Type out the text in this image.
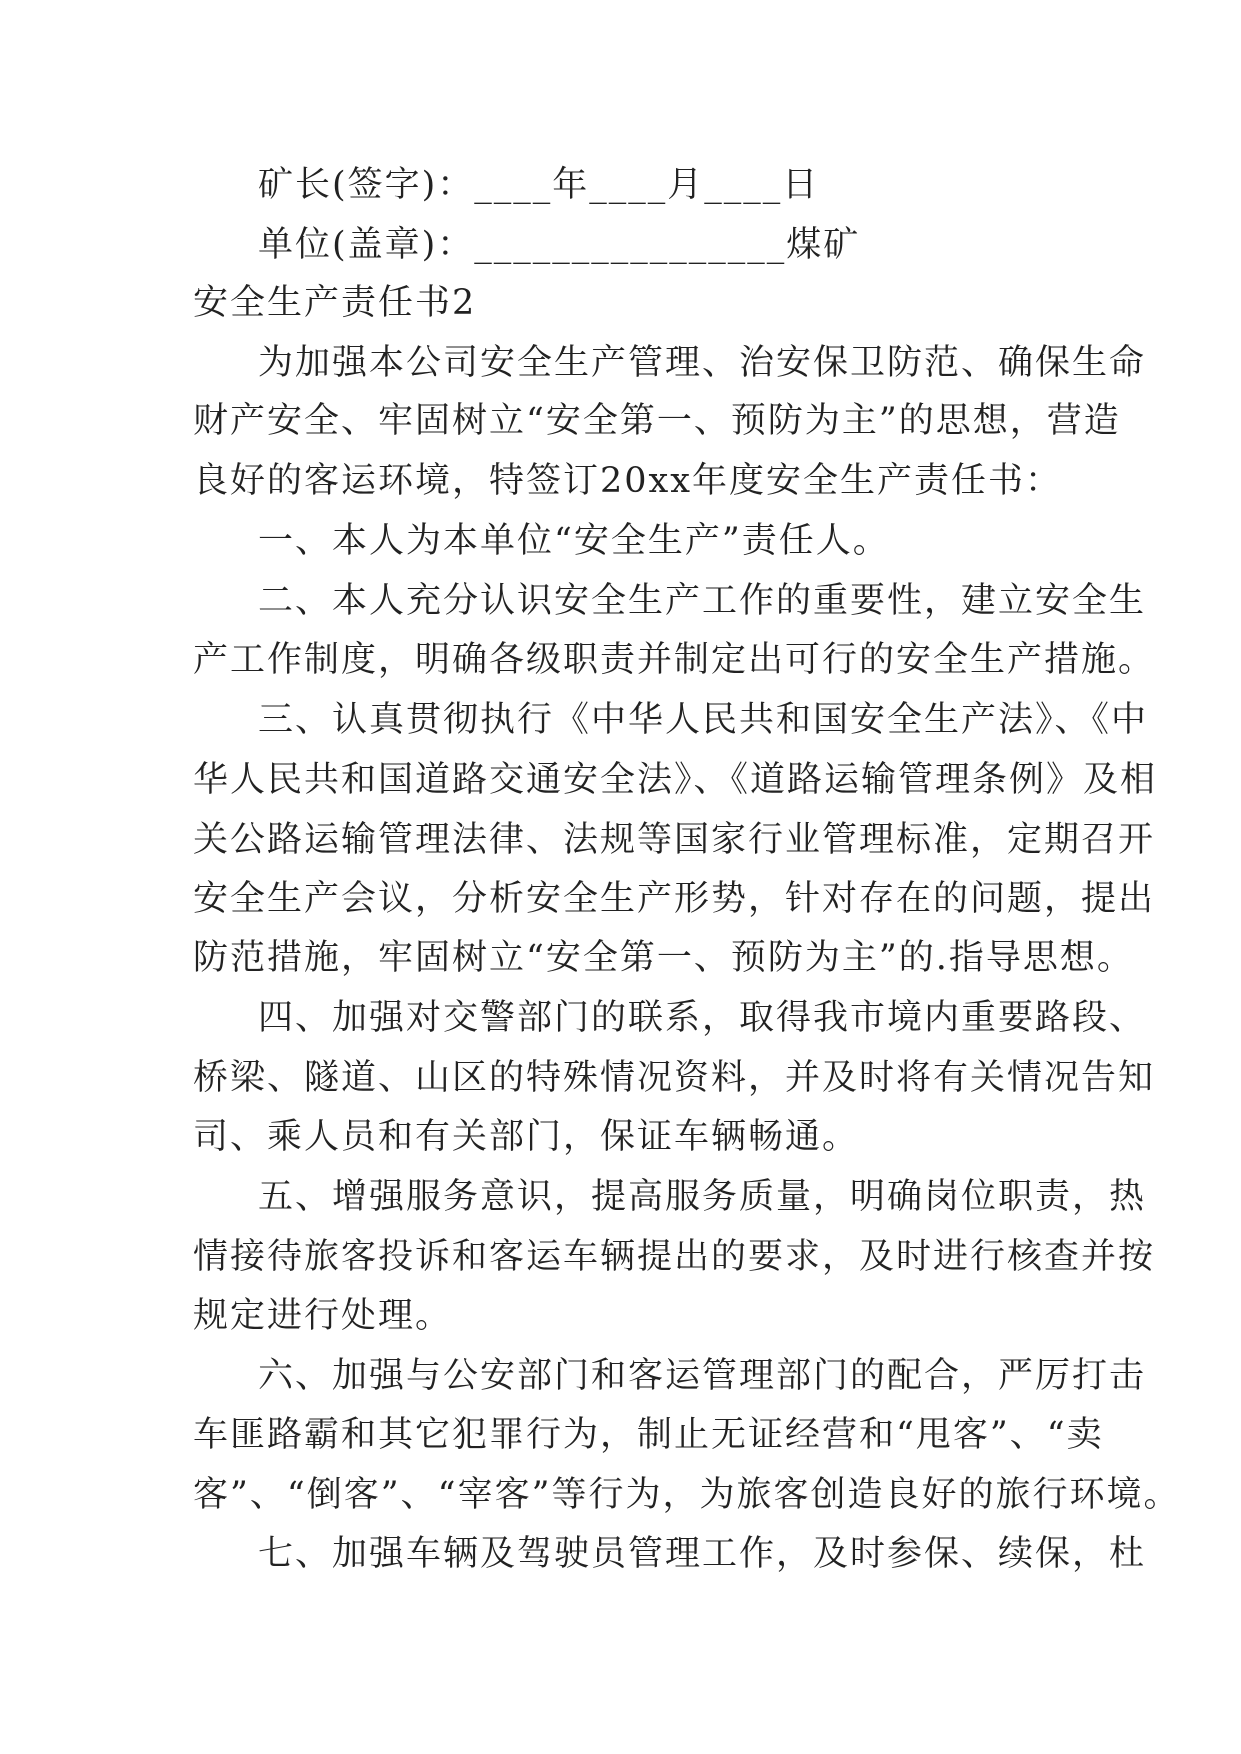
矿长(签字)：____年____月____日
单位(盖章)：________________煤矿
安全生产责任书2
为加强本公司安全生产管理、治安保卫防范、确保生命
财产安全、牢固树立“安全第一、预防为主”的思想，营造
良好的客运环境，特签订20xx年度安全生产责任书：
一、本人为本单位“安全生产”责任人。
二、本人充分认识安全生产工作的重要性，建立安全生
产工作制度，明确各级职责并制定出可行的安全生产措施。
三、认真贯彻执行《中华人民共和国安全生产法》、《中
华人民共和国道路交通安全法》、《道路运输管理条例》及相
关公路运输管理法律、法规等国家行业管理标准，定期召开
安全生产会议，分析安全生产形势，针对存在的问题，提出
防范措施，牢固树立“安全第一、预防为主”的.指导思想。
四、加强对交警部门的联系，取得我市境内重要路段、
桥梁、隧道、山区的特殊情况资料，并及时将有关情况告知
司、乘人员和有关部门，保证车辆畅通。
五、增强服务意识，提高服务质量，明确岗位职责，热
情接待旅客投诉和客运车辆提出的要求，及时进行核查并按
规定进行处理。
六、加强与公安部门和客运管理部门的配合，严厉打击
车匪路霸和其它犯罪行为，制止无证经营和“甩客”、“卖
客”、“倒客”、“宰客”等行为，为旅客创造良好的旅行环境。
七、加强车辆及驾驶员管理工作，及时参保、续保，杜
